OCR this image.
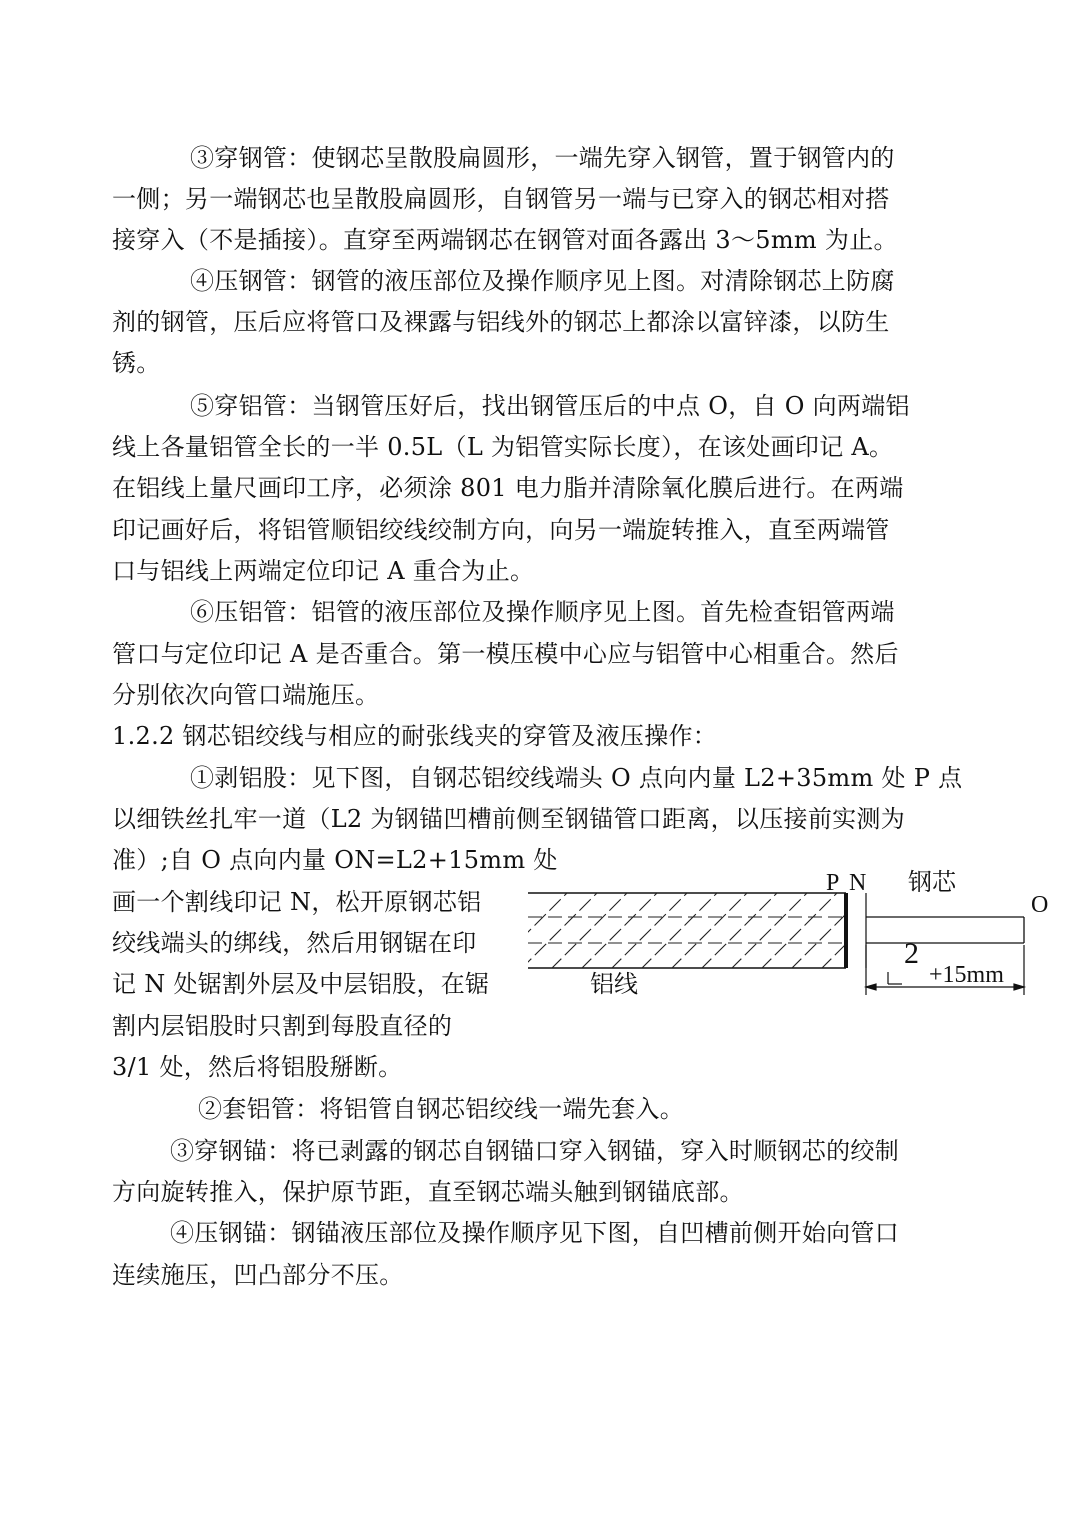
③穿钢管：使钢芯呈散股扁圆形，一端先穿入钢管，置于钢管内的
一侧；另一端钢芯也呈散股扁圆形，自钢管另一端与已穿入的钢芯相对搭
接穿入（不是插接）。直穿至两端钢芯在钢管对面各露出 3～5mm 为止。
④压钢管：钢管的液压部位及操作顺序见上图。对清除钢芯上防腐
剂的钢管，压后应将管口及裸露与铝线外的钢芯上都涂以富锌漆，以防生
锈。
⑤穿铝管：当钢管压好后，找出钢管压后的中点 O，自 O 向两端铝
线上各量铝管全长的一半 0.5L（L 为铝管实际长度），在该处画印记 A。
在铝线上量尺画印工序，必须涂 801 电力脂并清除氧化膜后进行。在两端
印记画好后，将铝管顺铝绞线绞制方向，向另一端旋转推入，直至两端管
口与铝线上两端定位印记 A 重合为止。
⑥压铝管：铝管的液压部位及操作顺序见上图。首先检查铝管两端
管口与定位印记 A 是否重合。第一模压模中心应与铝管中心相重合。然后
分别依次向管口端施压。
1.2.2 钢芯铝绞线与相应的耐张线夹的穿管及液压操作：
①剥铝股：见下图，自钢芯铝绞线端头 O 点向内量 L2+35mm 处 P 点
以细铁丝扎牢一道（L2 为钢锚凹槽前侧至钢锚管口距离，以压接前实测为
准）;自 O 点向内量 ON=L2+15mm 处
画一个割线印记 N，松开原钢芯铝
绞线端头的绑线，然后用钢锯在印
记 N 处锯割外层及中层铝股，在锯
割内层铝股时只割到每股直径的
3/1 处，然后将铝股掰断。
P N 钢芯
O
铝线
2
+15mm
②套铝管：将铝管自钢芯铝绞线一端先套入。
③穿钢锚：将已剥露的钢芯自钢锚口穿入钢锚，穿入时顺钢芯的绞制
方向旋转推入，保护原节距，直至钢芯端头触到钢锚底部。
④压钢锚：钢锚液压部位及操作顺序见下图，自凹槽前侧开始向管口
连续施压，凹凸部分不压。
